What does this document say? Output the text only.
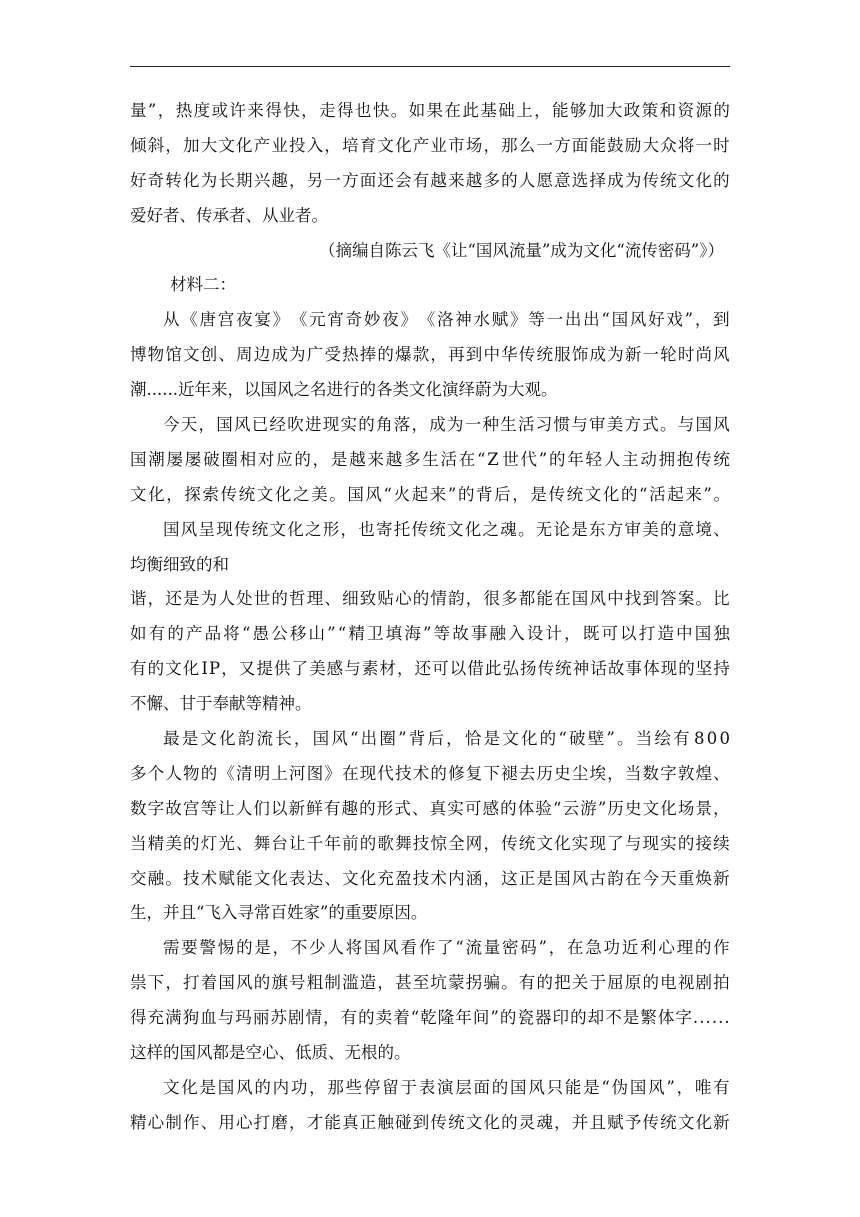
量 ” ， 热 度 或 许 来 得 快 ， 走 得 也 快 。 如 果 在 此 基 础 上 ， 能 够 加 大 政 策 和 资 源 的
倾 斜 ， 加 大 文 化 产 业 投 入 ， 培 育 文 化 产 业 市 场 ， 那 么 一 方 面 能 鼓 励 大 众 将 一 时
好 奇 转 化 为 长 期 兴 趣 ， 另 一 方 面 还 会 有 越 来 越 多 的 人 愿 意 选 择 成 为 传 统 文 化 的
爱好者、传承者、从业者。
（摘编自陈云飞《让“国风流量”成为文化“流传密码”》）
材料二：
从 《 唐 宫 夜 宴 》 《 元 宵 奇 妙 夜 》 《 洛 神 水 赋 》 等 一 出 出 “ 国 风 好 戏 ” ， 到
博 物 馆 文 创 、 周 边 成 为 广 受 热 捧 的 爆 款 ， 再 到 中 华 传 统 服 饰 成 为 新 一 轮 时 尚 风
潮......近年来，以国风之名进行的各类文化演绎蔚为大观。
今 天 ， 国 风 已 经 吹 进 现 实 的 角 落 ， 成 为 一 种 生 活 习 惯 与 审 美 方 式 。 与 国 风
国 潮 屡 屡 破 圈 相 对 应 的 ， 是 越 来 越 多 生 活 在 “ Z 世 代 ” 的 年 轻 人 主 动 拥 抱 传 统
文 化 ， 探 索 传 统 文 化 之 美 。 国 风 “ 火 起 来 ” 的 背 后 ， 是 传 统 文 化 的 “ 活 起 来 ” 。
国 风 呈 现 传 统 文 化 之 形 ， 也 寄 托 传 统 文 化 之 魂 。 无 论 是 东 方 审 美 的 意 境 、
均衡细致的和
谐 ， 还 是 为 人 处 世 的 哲 理 、 细 致 贴 心 的 情 韵 ， 很 多 都 能 在 国 风 中 找 到 答 案 。 比
如 有 的 产 品 将 “ 愚 公 移 山 ” “ 精 卫 填 海 ” 等 故 事 融 入 设 计 ， 既 可 以 打 造 中 国 独
有 的 文 化 I P ， 又 提 供 了 美 感 与 素 材 ， 还 可 以 借 此 弘 扬 传 统 神 话 故 事 体 现 的 坚 持
不懈、甘于奉献等精神。
最 是 文 化 韵 流 长 ， 国 风 “ 出 圈 ” 背 后 ， 恰 是 文 化 的 “ 破 壁 ” 。 当 绘 有 8 0 0
多 个 人 物 的 《 清 明 上 河 图 》 在 现 代 技 术 的 修 复 下 褪 去 历 史 尘 埃 ， 当 数 字 敦 煌 、
数 字 故 宫 等 让 人 们 以 新 鲜 有 趣 的 形 式 、 真 实 可 感 的 体 验 “ 云 游 ” 历 史 文 化 场 景 ，
当 精 美 的 灯 光 、 舞 台 让 千 年 前 的 歌 舞 技 惊 全 网 ， 传 统 文 化 实 现 了 与 现 实 的 接 续
交 融 。 技 术 赋 能 文 化 表 达 、 文 化 充 盈 技 术 内 涵 ， 这 正 是 国 风 古 韵 在 今 天 重 焕 新
生，并且“飞入寻常百姓家”的重要原因。
需 要 警 惕 的 是 ， 不 少 人 将 国 风 看 作 了 “ 流 量 密 码 ” ， 在 急 功 近 利 心 理 的 作
祟 下 ， 打 着 国 风 的 旗 号 粗 制 滥 造 ， 甚 至 坑 蒙 拐 骗 。 有 的 把 关 于 屈 原 的 电 视 剧 拍
得 充 满 狗 血 与 玛 丽 苏 剧 情 ， 有 的 卖 着 “ 乾 隆 年 间 ” 的 瓷 器 印 的 却 不 是 繁 体 字 . . . . . .
这样的国风都是空心、低质、无根的。
文 化 是 国 风 的 内 功 ， 那 些 停 留 于 表 演 层 面 的 国 风 只 能 是 “ 伪 国 风 ” ， 唯 有
精 心 制 作 、 用 心 打 磨 ， 才 能 真 正 触 碰 到 传 统 文 化 的 灵 魂 ， 并 且 赋 予 传 统 文 化 新
